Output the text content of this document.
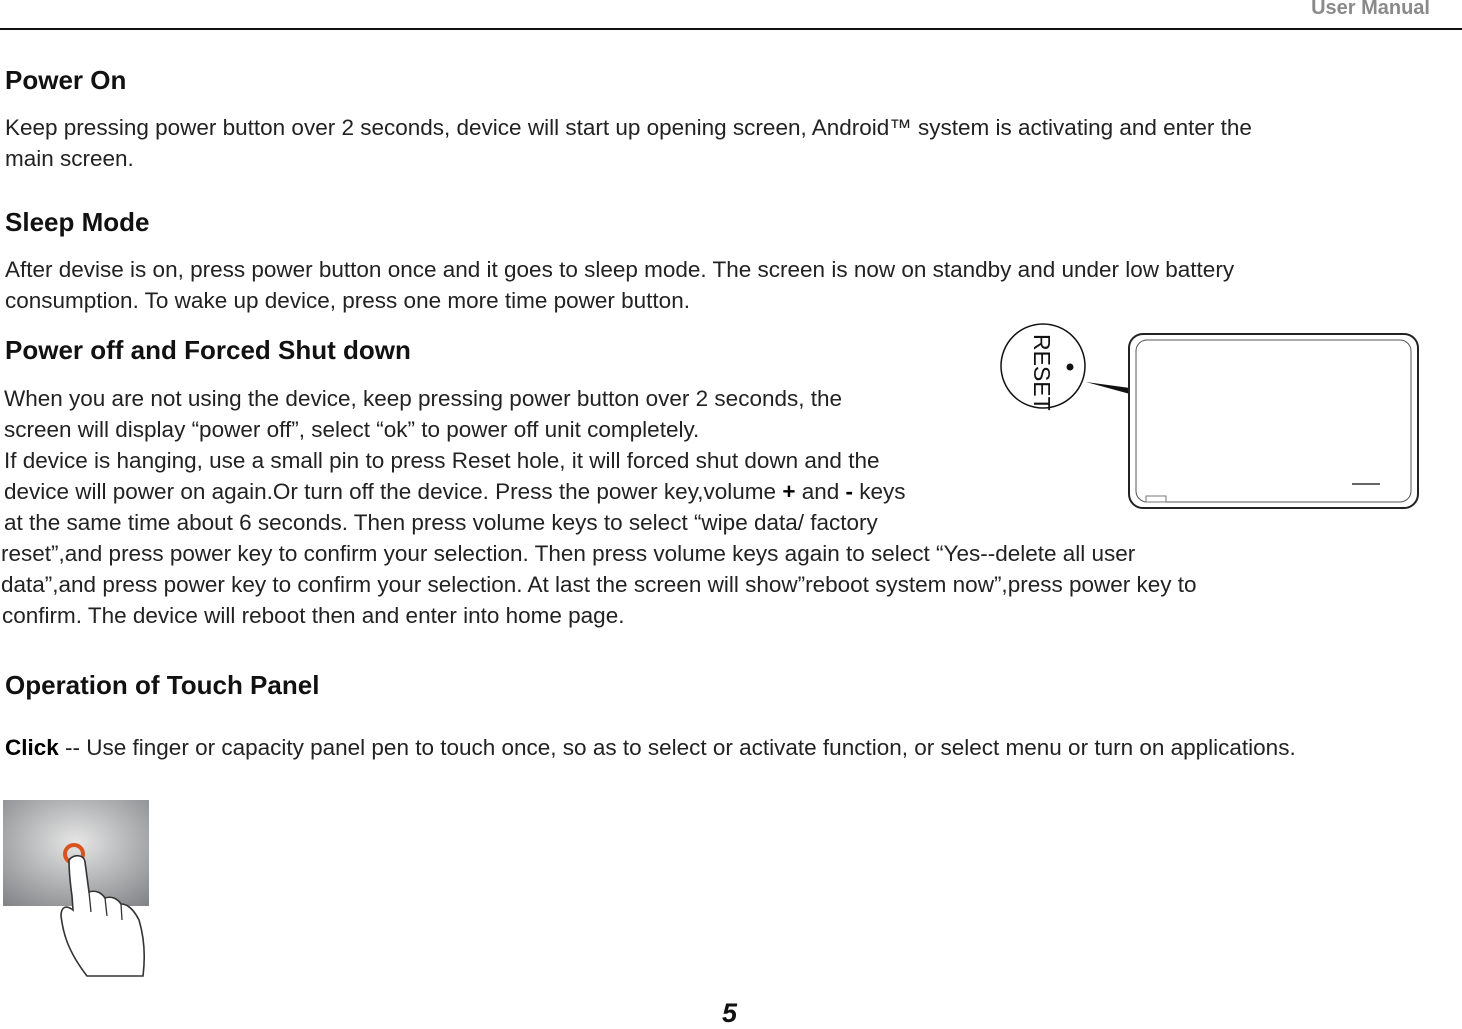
User Manual
Power On

Keep pressing power button over 2 seconds, device will start up opening screen, Android™ system is activating and enter the
main screen.

Sleep Mode

After devise is on, press power button once and it goes to sleep mode. The screen is now on standby and under low battery
consumption. To wake up device, press one more time power button.

Power off and Forced Shut down

When you are not using the device, keep pressing power button over 2 seconds, the
screen will display “power off”, select “ok” to power off unit completely.
If device is hanging, use a small pin to press Reset hole, it will forced shut down and the
device will power on again.Or turn off the device. Press the power key,volume + and - keys
at the same time about 6 seconds. Then press volume keys to select “wipe data/ factory
reset”,and press power key to confirm your selection. Then press volume keys again to select “Yes--delete all user
data”,and press power key to confirm your selection. At last the screen will show”reboot system now”,press power key to
confirm. The device will reboot then and enter into home page.

RESET
Operation of Touch Panel

Click -- Use finger or capacity panel pen to touch once, so as to select or activate function, or select menu or turn on applications.

5
